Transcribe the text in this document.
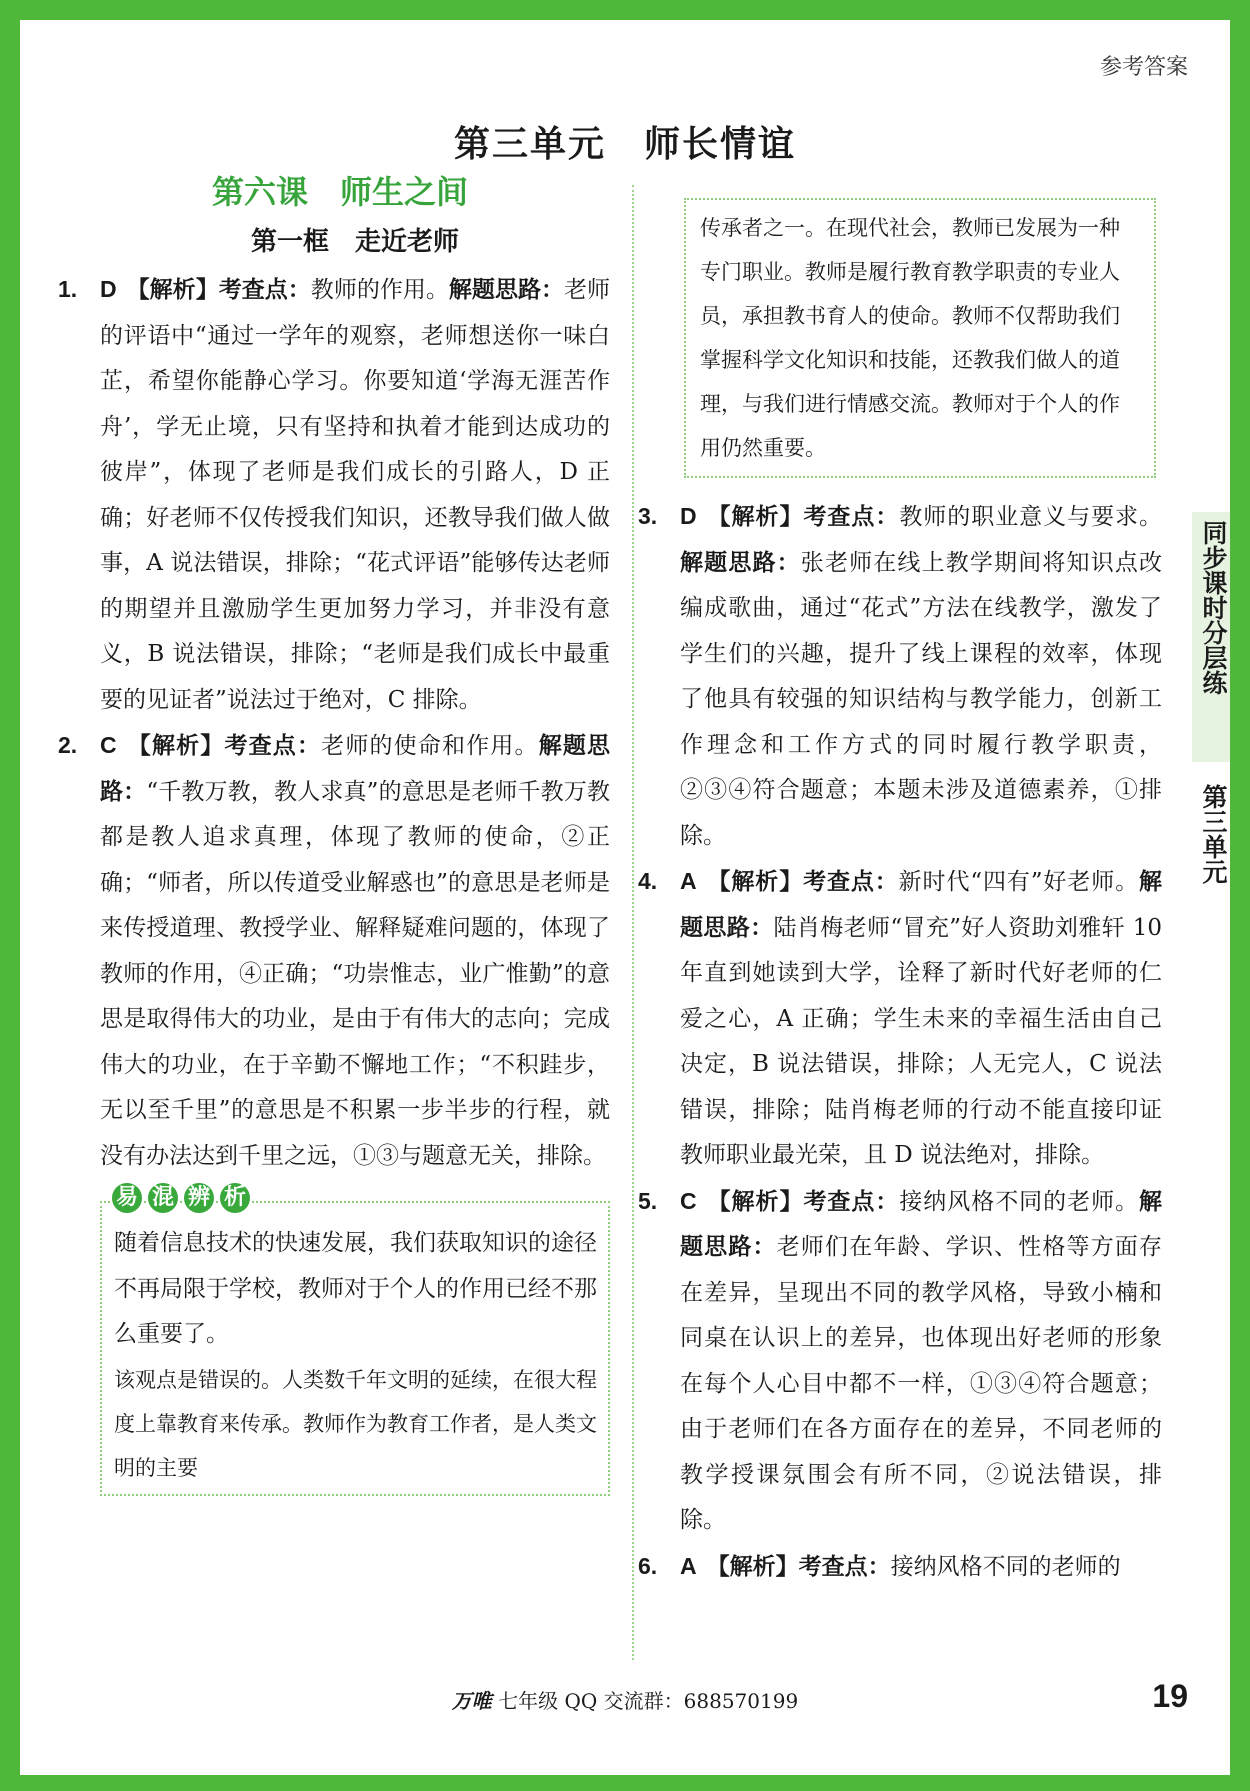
参考答案
第三单元　师长情谊
第六课　师生之间
第一框　走近老师
1. D 【解析】考查点：教师的作用。解题思路：老师的评语中“通过一学年的观察，老师想送你一味白芷，希望你能静心学习。你要知道‘学海无涯苦作舟’，学无止境，只有坚持和执着才能到达成功的彼岸”，体现了老师是我们成长的引路人，D 正确；好老师不仅传授我们知识，还教导我们做人做事，A 说法错误，排除；“花式评语”能够传达老师的期望并且激励学生更加努力学习，并非没有意义，B 说法错误，排除；“老师是我们成长中最重要的见证者”说法过于绝对，C 排除。
2. C 【解析】考查点：老师的使命和作用。解题思路：“千教万教，教人求真”的意思是老师千教万教都是教人追求真理，体现了教师的使命，②正确；“师者，所以传道受业解惑也”的意思是老师是来传授道理、教授学业、解释疑难问题的，体现了教师的作用，④正确；“功崇惟志，业广惟勤”的意思是取得伟大的功业，是由于有伟大的志向；完成伟大的功业，在于辛勤不懈地工作；“不积跬步，无以至千里”的意思是不积累一步半步的行程，就没有办法达到千里之远，①③与题意无关，排除。
易 混 辨 析
随着信息技术的快速发展，我们获取知识的途径不再局限于学校，教师对于个人的作用已经不那么重要了。
该观点是错误的。人类数千年文明的延续，在很大程度上靠教育来传承。教师作为教育工作者，是人类文明的主要
传承者之一。在现代社会，教师已发展为一种专门职业。教师是履行教育教学职责的专业人员，承担教书育人的使命。教师不仅帮助我们掌握科学文化知识和技能，还教我们做人的道理，与我们进行情感交流。教师对于个人的作用仍然重要。
3. D 【解析】考查点：教师的职业意义与要求。解题思路：张老师在线上教学期间将知识点改编成歌曲，通过“花式”方法在线教学，激发了学生们的兴趣，提升了线上课程的效率，体现了他具有较强的知识结构与教学能力，创新工作理念和工作方式的同时履行教学职责，②③④符合题意；本题未涉及道德素养，①排除。
4. A 【解析】考查点：新时代“四有”好老师。解题思路：陆肖梅老师“冒充”好人资助刘雅轩 10 年直到她读到大学，诠释了新时代好老师的仁爱之心，A 正确；学生未来的幸福生活由自己决定，B 说法错误，排除；人无完人，C 说法错误，排除；陆肖梅老师的行动不能直接印证教师职业最光荣，且 D 说法绝对，排除。
5. C 【解析】考查点：接纳风格不同的老师。解题思路：老师们在年龄、学识、性格等方面存在差异，呈现出不同的教学风格，导致小楠和同桌在认识上的差异，也体现出好老师的形象在每个人心目中都不一样，①③④符合题意；由于老师们在各方面存在的差异，不同老师的教学授课氛围会有所不同，②说法错误，排除。
6. A 【解析】考查点：接纳风格不同的老师的
同步课时分层练
第三单元
万唯 七年级 QQ 交流群：688570199	19
